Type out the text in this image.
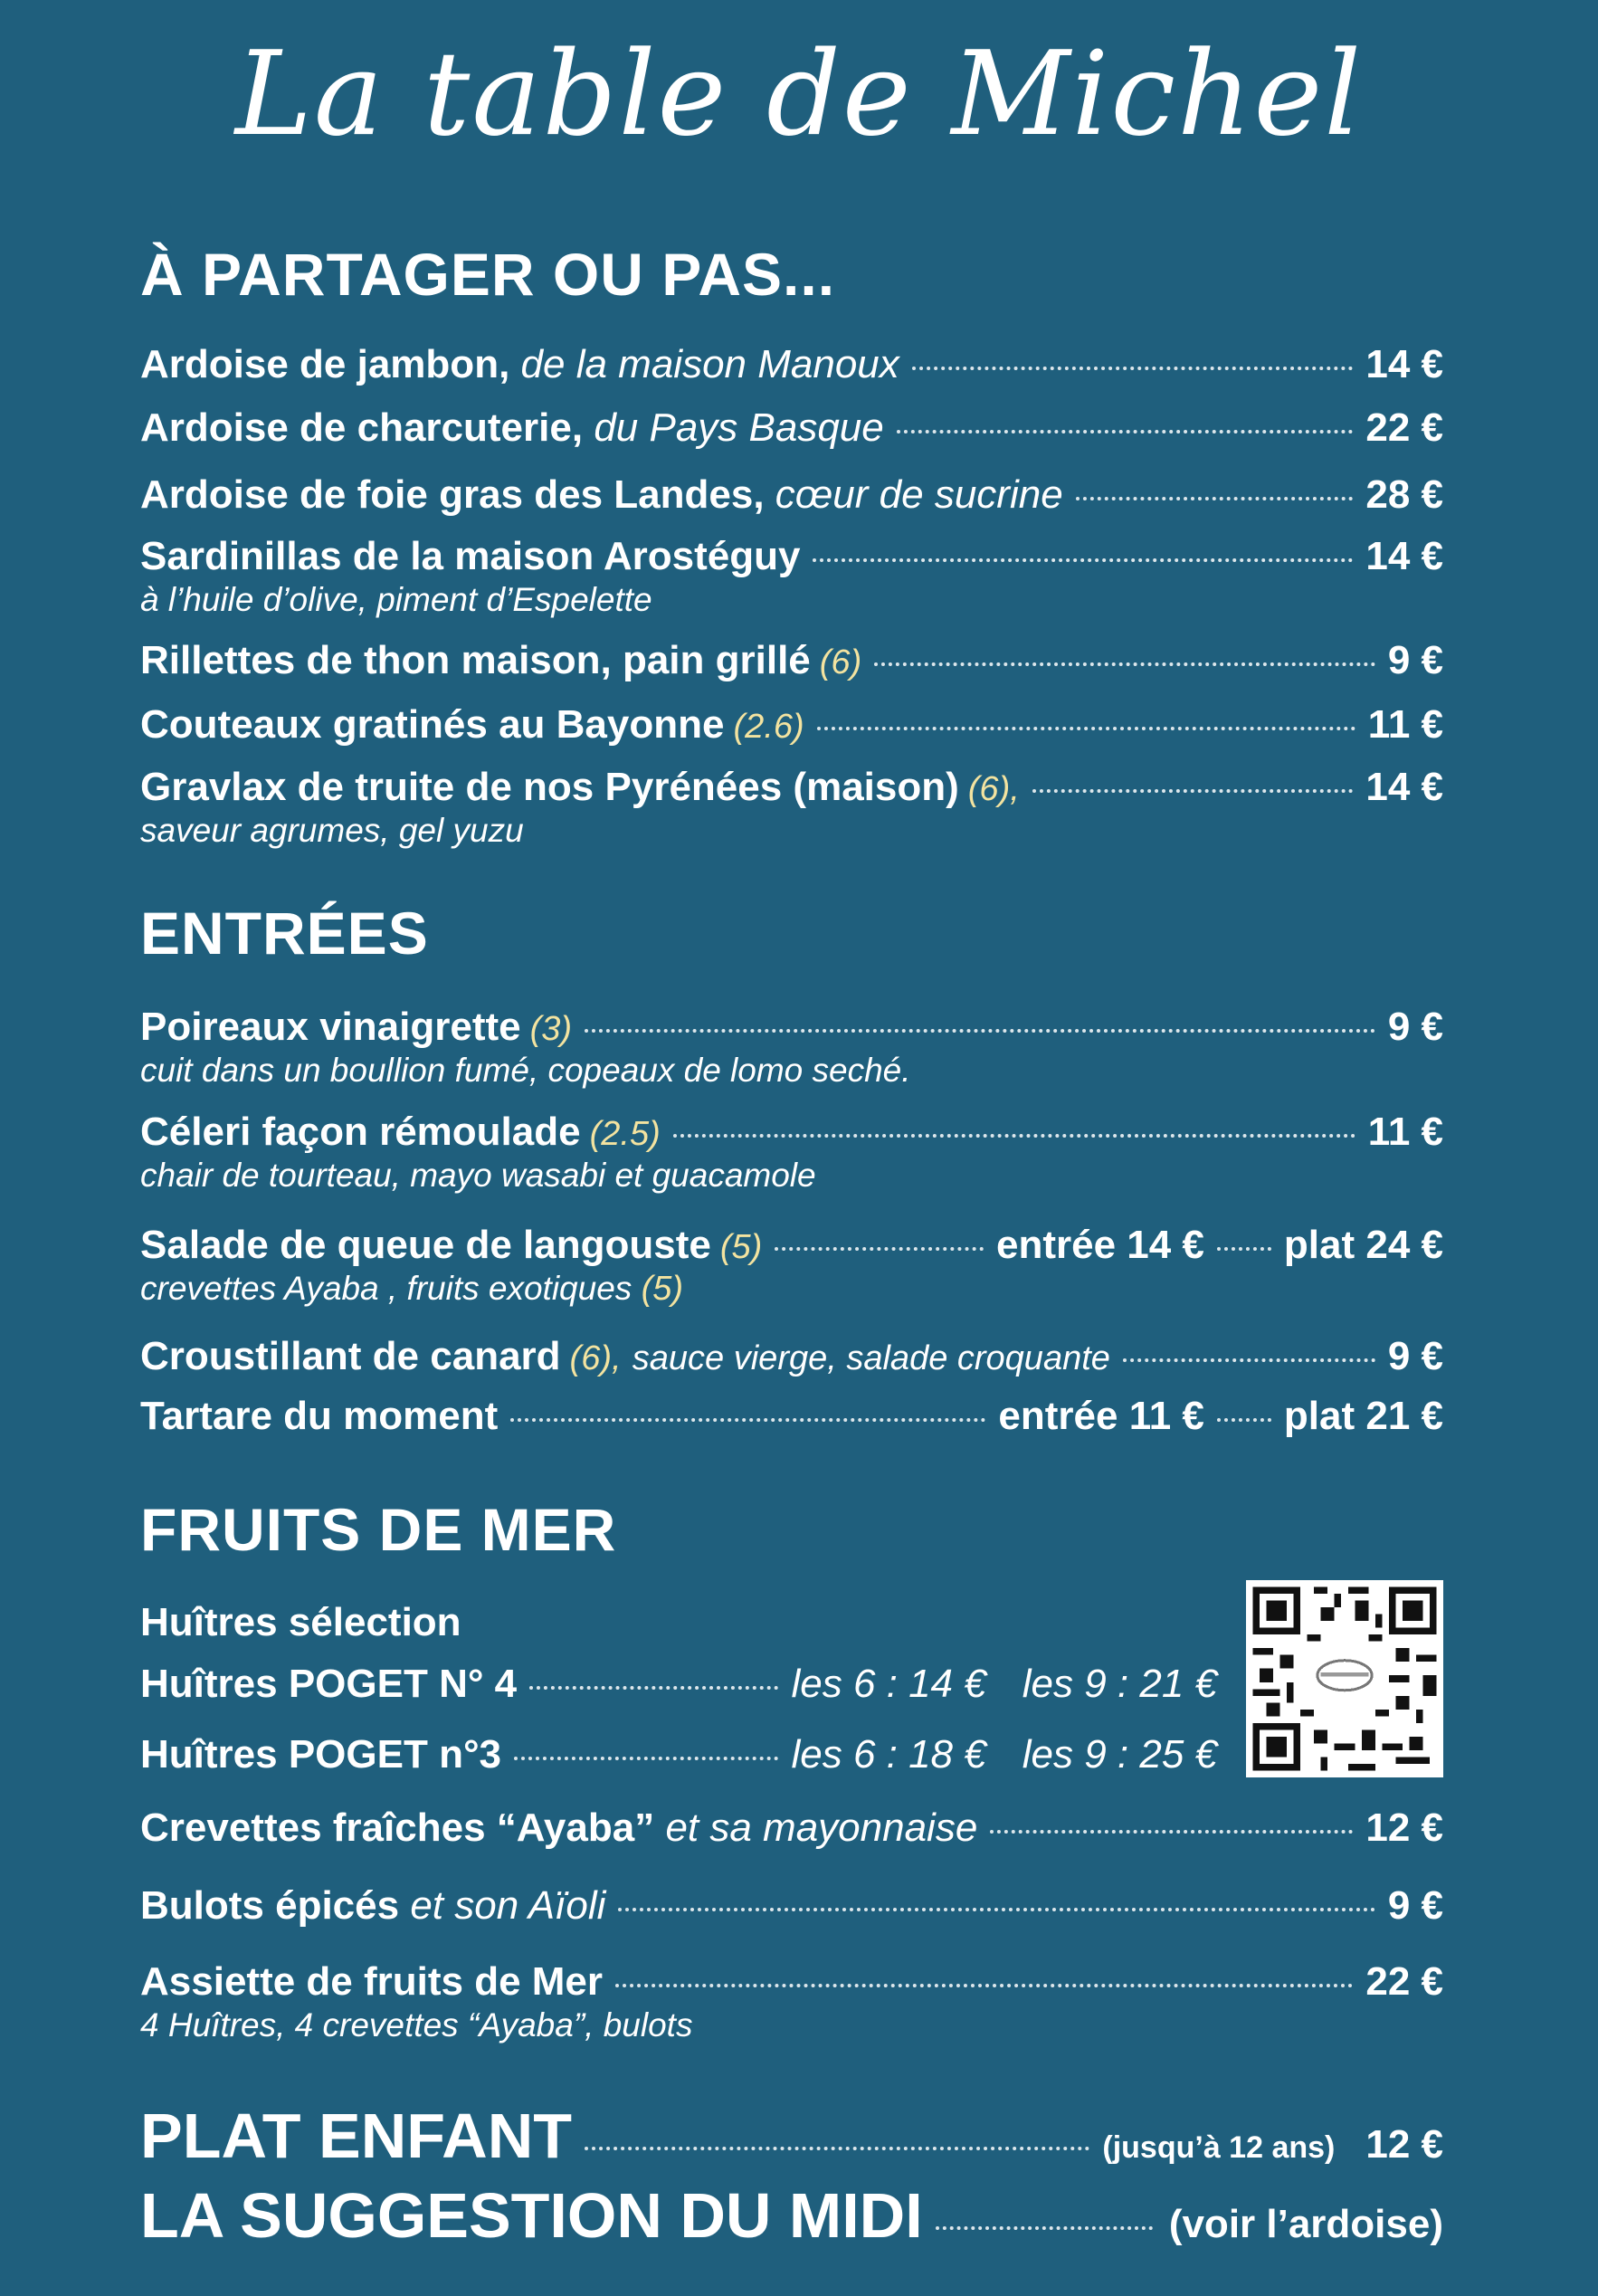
La table de Michel
À PARTAGER OU PAS...
Ardoise de jambon,
de la maison Manoux	14 €
Ardoise de charcuterie,
du Pays Basque	22 €
Ardoise de foie gras des Landes,
cœur de sucrine	28 €
Sardinillas de la maison Arostéguy	14 €
à l’huile d’olive, piment d’Espelette
Rillettes de thon maison, pain grillé (6)	9 €
Couteaux gratinés au Bayonne (2.6)	11 €
Gravlax de truite de nos Pyrénées (maison) (6),	14 €
saveur agrumes, gel yuzu
ENTRÉES
Poireaux vinaigrette (3)	9 €
cuit dans un boullion fumé, copeaux de lomo seché.
Céleri façon rémoulade (2.5)	11 €
chair de tourteau, mayo wasabi et guacamole
Salade de queue de langouste (5)	entrée 14 € plat 24 €
crevettes Ayaba , fruits exotiques (5)
Croustillant de canard (6),
sauce vierge, salade croquante	9 €
Tartare du moment	entrée 11 € plat 21 €
FRUITS DE MER
Huîtres sélection
Huîtres POGET N° 4	les 6 : 14 € les 9 : 21 €
Huîtres POGET n°3	les 6 : 18 € les 9 : 25 €
Crevettes fraîches “Ayaba”
et sa mayonnaise	12 €
Bulots épicés
et son Aïoli	9 €
Assiette de fruits de Mer	22 €
4 Huîtres, 4 crevettes “Ayaba”, bulots
PLAT ENFANT	(jusqu’à 12 ans) 12 €
LA SUGGESTION DU MIDI	(voir l’ardoise)
